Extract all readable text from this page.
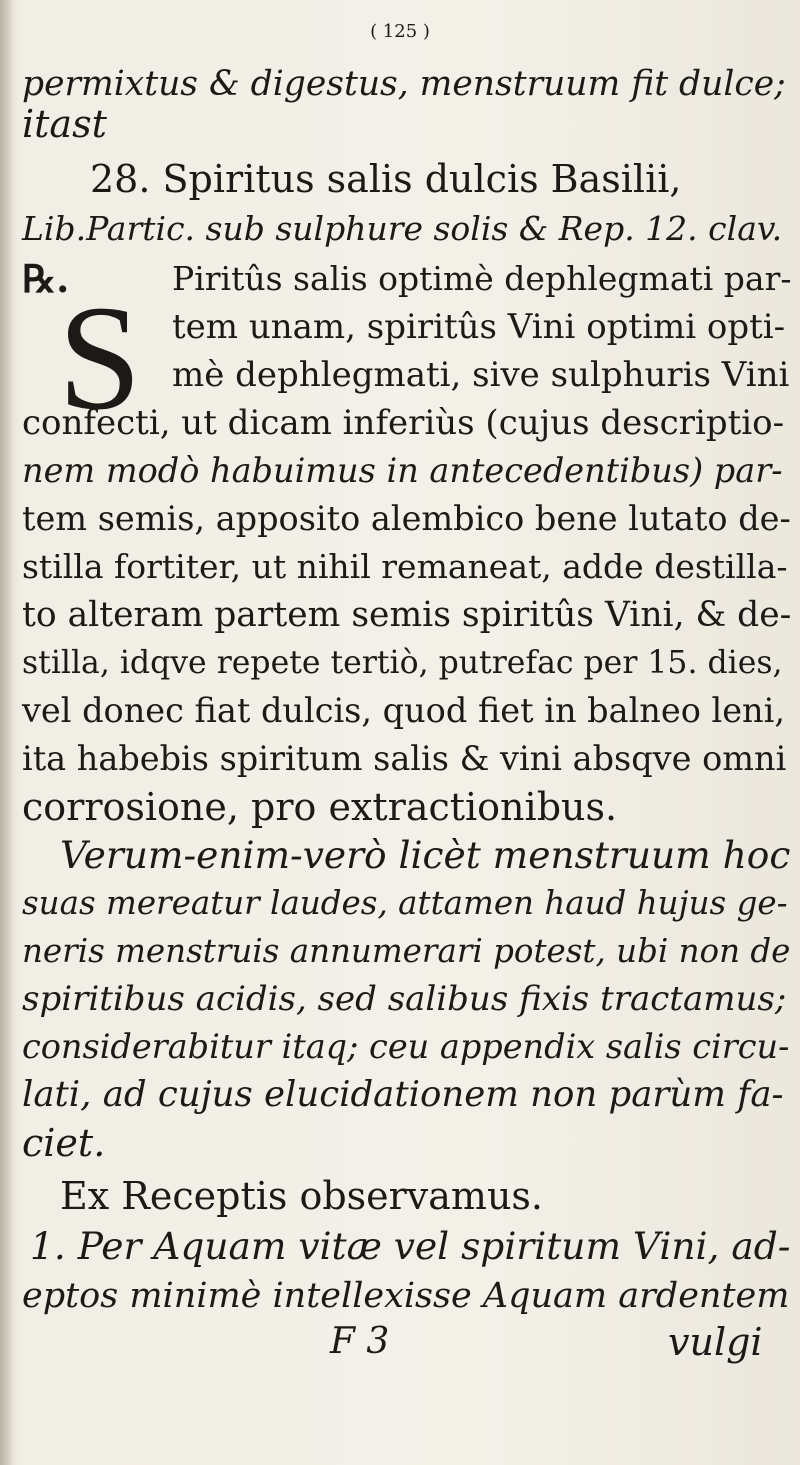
( 125 )
permixtus & digestus, menstruum fit dulce;
itast
28. Spiritus salis dulcis Basilii,
Lib.Partic. sub sulphure solis & Rep. 12. clav.
℞.
S Piritûs salis optimè dephlegmati par-
tem unam, spiritûs Vini optimi opti-
mè dephlegmati, sive sulphuris Vini
confecti, ut dicam inferiùs (cujus descriptio-
nem modò habuimus in antecedentibus) par-
tem semis, apposito alembico bene lutato de-
stilla fortiter, ut nihil remaneat, adde destilla-
to alteram partem semis spiritûs Vini, & de-
stilla, idqve repete tertiò, putrefac per 15. dies,
vel donec fiat dulcis, quod fiet in balneo leni,
ita habebis spiritum salis & vini absqve omni
corrosione, pro extractionibus.
Verum-enim-verò licèt menstruum hoc
suas mereatur laudes, attamen haud hujus ge-
neris menstruis annumerari potest, ubi non de
spiritibus acidis, sed salibus fixis tractamus;
considerabitur itaq; ceu appendix salis circu-
lati, ad cujus elucidationem non parùm fa-
ciet.
Ex Receptis observamus.
1. Per Aquam vitæ vel spiritum Vini, ad-
eptos minimè intellexisse Aquam ardentem
F 3	vulgi
